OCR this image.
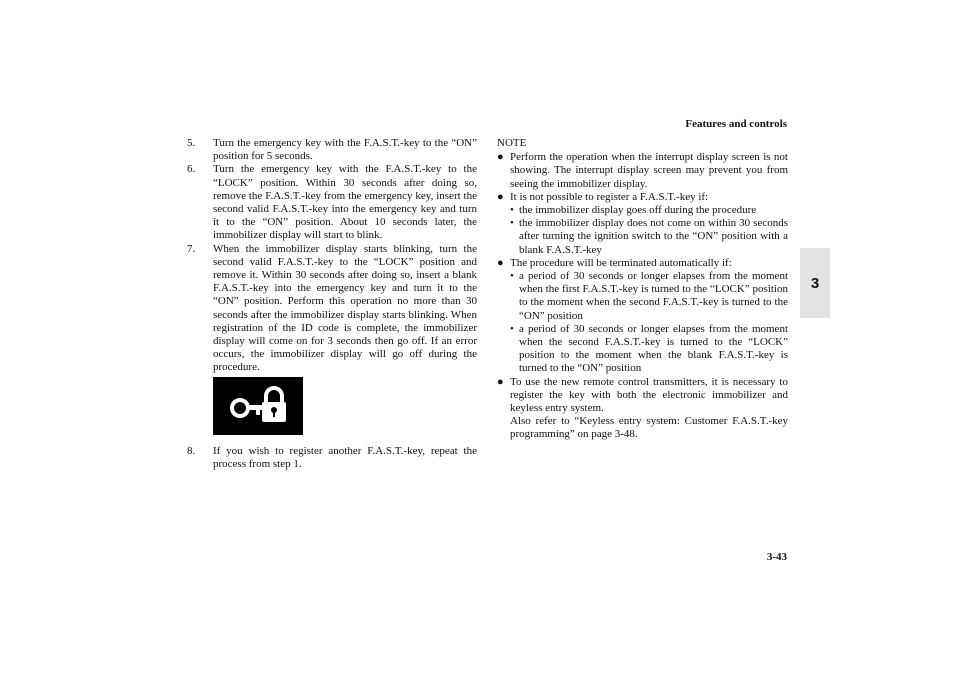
Features and controls
3
5.	Turn the emergency key with the F.A.S.T.-key to the “ON” position for 5 seconds.
6.	Turn the emergency key with the F.A.S.T.-key to the “LOCK” position. Within 30 seconds after doing so, remove the F.A.S.T.-key from the emergency key, insert the second valid F.A.S.T.-key into the emergency key and turn it to the “ON” position. About 10 seconds later, the immobilizer display will start to blink.
7.	When the immobilizer display starts blinking, turn the second valid F.A.S.T.-key to the “LOCK” position and remove it. Within 30 seconds after doing so, insert a blank F.A.S.T.-key into the emergency key and turn it to the “ON” position. Perform this operation no more than 30 seconds after the immobilizer display starts blinking. When registration of the ID code is complete, the immobilizer display will come on for 3 seconds then go off. If an error occurs, the immobilizer display will go off during the procedure.
8.	If you wish to register another F.A.S.T.-key, repeat the process from step 1.
NOTE
● Perform the operation when the interrupt display screen is not showing. The interrupt display screen may prevent you from seeing the immobilizer display.
● It is not possible to register a F.A.S.T.-key if:
• the immobilizer display goes off during the procedure
• the immobilizer display does not come on within 30 seconds after turning the ignition switch to the “ON” position with a blank F.A.S.T.-key
● The procedure will be terminated automatically if:
• a period of 30 seconds or longer elapses from the moment when the first F.A.S.T.-key is turned to the “LOCK” position to the moment when the second F.A.S.T.-key is turned to the “ON” position
• a period of 30 seconds or longer elapses from the moment when the second F.A.S.T.-key is turned to the “LOCK” position to the moment when the blank F.A.S.T.-key is turned to the “ON” position
● To use the new remote control transmitters, it is necessary to register the key with both the electronic immobilizer and keyless entry system.
Also refer to “Keyless entry system: Customer F.A.S.T.-key programming” on page 3-48.
3-43
